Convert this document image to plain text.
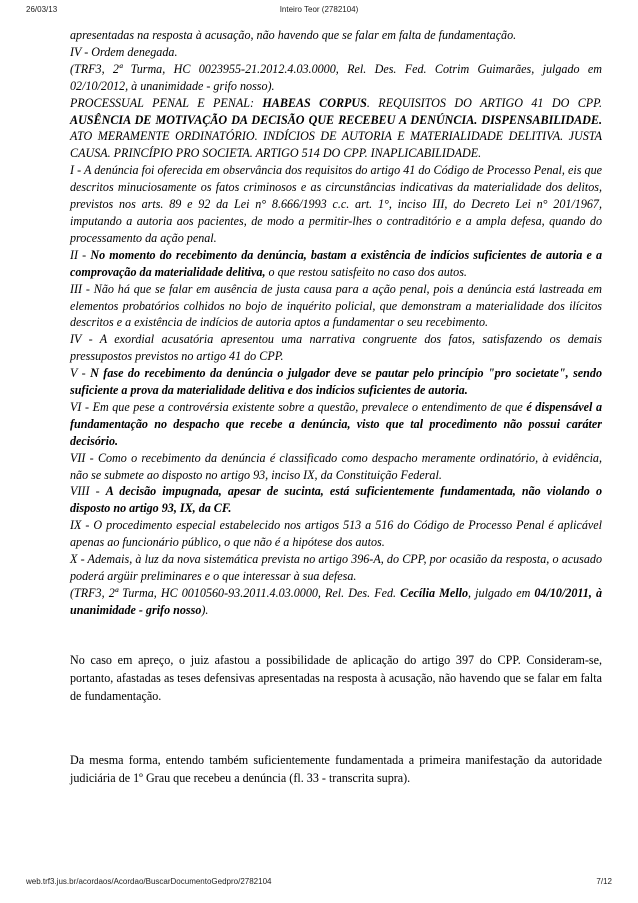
26/03/13	Inteiro Teor (2782104)

apresentadas na resposta à acusação, não havendo que se falar em falta de fundamentação.

IV - Ordem denegada.

(TRF3, 2ª Turma, HC 0023955-21.2012.4.03.0000, Rel. Des. Fed. Cotrim Guimarães, julgado em 02/10/2012, à unanimidade - grifo nosso).

PROCESSUAL PENAL E PENAL: HABEAS CORPUS. REQUISITOS DO ARTIGO 41 DO CPP. AUSÊNCIA DE MOTIVAÇÃO DA DECISÃO QUE RECEBEU A DENÚNCIA. DISPENSABILIDADE. ATO MERAMENTE ORDINATÓRIO. INDÍCIOS DE AUTORIA E MATERIALIDADE DELITIVA. JUSTA CAUSA. PRINCÍPIO PRO SOCIETA. ARTIGO 514 DO CPP. INAPLICABILIDADE.

I - A denúncia foi oferecida em observância dos requisitos do artigo 41 do Código de Processo Penal, eis que descritos minuciosamente os fatos criminosos e as circunstâncias indicativas da materialidade dos delitos, previstos nos arts. 89 e 92 da Lei n° 8.666/1993 c.c. art. 1°, inciso III, do Decreto Lei n° 201/1967, imputando a autoria aos pacientes, de modo a permitir-lhes o contraditório e a ampla defesa, quando do processamento da ação penal.

II - No momento do recebimento da denúncia, bastam a existência de indícios suficientes de autoria e a comprovação da materialidade delitiva, o que restou satisfeito no caso dos autos.

III - Não há que se falar em ausência de justa causa para a ação penal, pois a denúncia está lastreada em elementos probatórios colhidos no bojo de inquérito policial, que demonstram a materialidade dos ilícitos descritos e a existência de indícios de autoria aptos a fundamentar o seu recebimento.

IV - A exordial acusatória apresentou uma narrativa congruente dos fatos, satisfazendo os demais pressupostos previstos no artigo 41 do CPP.

V - N fase do recebimento da denúncia o julgador deve se pautar pelo princípio "pro societate", sendo suficiente a prova da materialidade delitiva e dos indícios suficientes de autoria.

VI - Em que pese a controvérsia existente sobre a questão, prevalece o entendimento de que é dispensável a fundamentação no despacho que recebe a denúncia, visto que tal procedimento não possui caráter decisório.

VII - Como o recebimento da denúncia é classificado como despacho meramente ordinatório, à evidência, não se submete ao disposto no artigo 93, inciso IX, da Constituição Federal.

VIII - A decisão impugnada, apesar de sucinta, está suficientemente fundamentada, não violando o disposto no artigo 93, IX, da CF.

IX - O procedimento especial estabelecido nos artigos 513 a 516 do Código de Processo Penal é aplicável apenas ao funcionário público, o que não é a hipótese dos autos.

X - Ademais, à luz da nova sistemática prevista no artigo 396-A, do CPP, por ocasião da resposta, o acusado poderá argüir preliminares e o que interessar à sua defesa.

(TRF3, 2ª Turma, HC 0010560-93.2011.4.03.0000, Rel. Des. Fed. Cecília Mello, julgado em 04/10/2011, à unanimidade - grifo nosso).

No caso em apreço, o juiz afastou a possibilidade de aplicação do artigo 397 do CPP. Consideram-se, portanto, afastadas as teses defensivas apresentadas na resposta à acusação, não havendo que se falar em falta de fundamentação.

Da mesma forma, entendo também suficientemente fundamentada a primeira manifestação da autoridade judiciária de 1º Grau que recebeu a denúncia (fl. 33 - transcrita supra).

web.trf3.jus.br/acordaos/Acordao/BuscarDocumentoGedpro/2782104	7/12
